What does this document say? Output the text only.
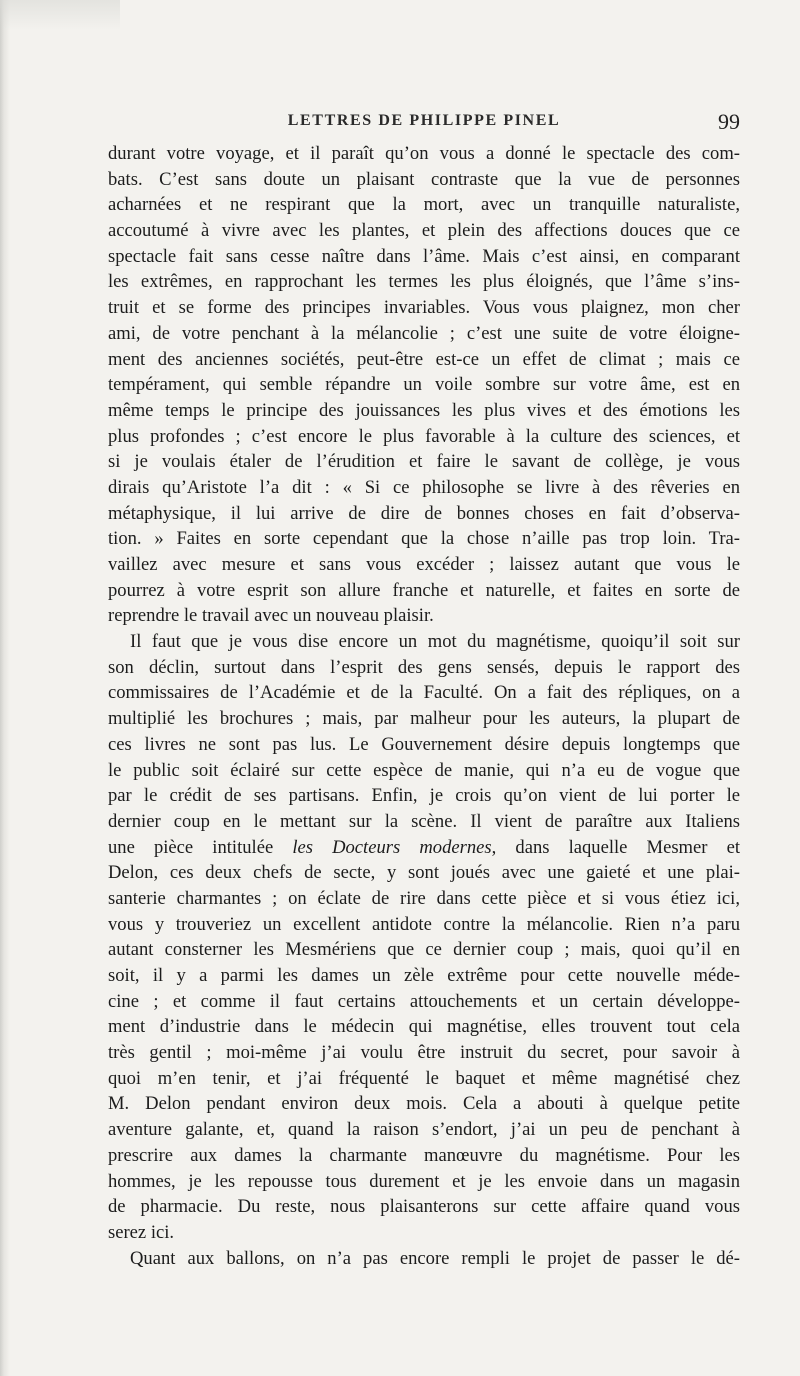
LETTRES DE PHILIPPE PINEL	99
durant votre voyage, et il paraît qu’on vous a donné le spectacle des com-
bats. C’est sans doute un plaisant contraste que la vue de personnes
acharnées et ne respirant que la mort, avec un tranquille naturaliste,
accoutumé à vivre avec les plantes, et plein des affections douces que ce
spectacle fait sans cesse naître dans l’âme. Mais c’est ainsi, en comparant
les extrêmes, en rapprochant les termes les plus éloignés, que l’âme s’ins-
truit et se forme des principes invariables. Vous vous plaignez, mon cher
ami, de votre penchant à la mélancolie ; c’est une suite de votre éloigne-
ment des anciennes sociétés, peut-être est-ce un effet de climat ; mais ce
tempérament, qui semble répandre un voile sombre sur votre âme, est en
même temps le principe des jouissances les plus vives et des émotions les
plus profondes ; c’est encore le plus favorable à la culture des sciences, et
si je voulais étaler de l’érudition et faire le savant de collège, je vous
dirais qu’Aristote l’a dit : « Si ce philosophe se livre à des rêveries en
métaphysique, il lui arrive de dire de bonnes choses en fait d’observa-
tion. » Faites en sorte cependant que la chose n’aille pas trop loin. Tra-
vaillez avec mesure et sans vous excéder ; laissez autant que vous le
pourrez à votre esprit son allure franche et naturelle, et faites en sorte de
reprendre le travail avec un nouveau plaisir.
Il faut que je vous dise encore un mot du magnétisme, quoiqu’il soit sur
son déclin, surtout dans l’esprit des gens sensés, depuis le rapport des
commissaires de l’Académie et de la Faculté. On a fait des répliques, on a
multiplié les brochures ; mais, par malheur pour les auteurs, la plupart de
ces livres ne sont pas lus. Le Gouvernement désire depuis longtemps que
le public soit éclairé sur cette espèce de manie, qui n’a eu de vogue que
par le crédit de ses partisans. Enfin, je crois qu’on vient de lui porter le
dernier coup en le mettant sur la scène. Il vient de paraître aux Italiens
une pièce intitulée les Docteurs modernes, dans laquelle Mesmer et
Delon, ces deux chefs de secte, y sont joués avec une gaieté et une plai-
santerie charmantes ; on éclate de rire dans cette pièce et si vous étiez ici,
vous y trouveriez un excellent antidote contre la mélancolie. Rien n’a paru
autant consterner les Mesmériens que ce dernier coup ; mais, quoi qu’il en
soit, il y a parmi les dames un zèle extrême pour cette nouvelle méde-
cine ; et comme il faut certains attouchements et un certain développe-
ment d’industrie dans le médecin qui magnétise, elles trouvent tout cela
très gentil ; moi-même j’ai voulu être instruit du secret, pour savoir à
quoi m’en tenir, et j’ai fréquenté le baquet et même magnétisé chez
M. Delon pendant environ deux mois. Cela a abouti à quelque petite
aventure galante, et, quand la raison s’endort, j’ai un peu de penchant à
prescrire aux dames la charmante manœuvre du magnétisme. Pour les
hommes, je les repousse tous durement et je les envoie dans un magasin
de pharmacie. Du reste, nous plaisanterons sur cette affaire quand vous
serez ici.
Quant aux ballons, on n’a pas encore rempli le projet de passer le dé-
